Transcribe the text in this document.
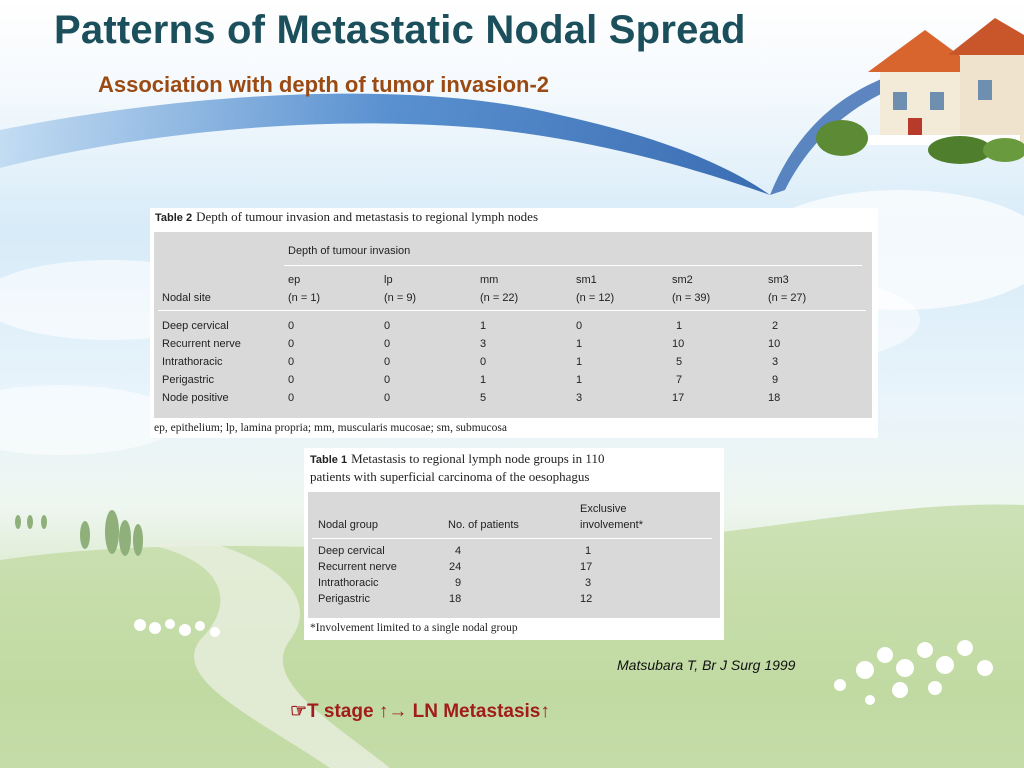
Patterns of Metastatic Nodal Spread
Association with depth of tumor invasion-2
Table 2 Depth of tumour invasion and metastasis to regional lymph nodes
Depth of tumour invasion
ep	lp	mm	sm1	sm2	sm3
Nodal site	(n = 1)	(n = 9)	(n = 22)	(n = 12)	(n = 39)	(n = 27)
Deep cervical	0	0	1	0	1	2
Recurrent nerve	0	0	3	1	10	10
Intrathoracic	0	0	0	1	5	3
Perigastric	0	0	1	1	7	9
Node positive	0	0	5	3	17	18
ep, epithelium; lp, lamina propria; mm, muscularis mucosae; sm, submucosa
Table 1 Metastasis to regional lymph node groups in 110
patients with superficial carcinoma of the oesophagus
Exclusive
Nodal group	No. of patients	involvement*
Deep cervical	4	1
Recurrent nerve	24	17
Intrathoracic	9	3
Perigastric	18	12
*Involvement limited to a single nodal group
Matsubara T, Br J Surg 1999
☞T stage ↑→ LN Metastasis↑
